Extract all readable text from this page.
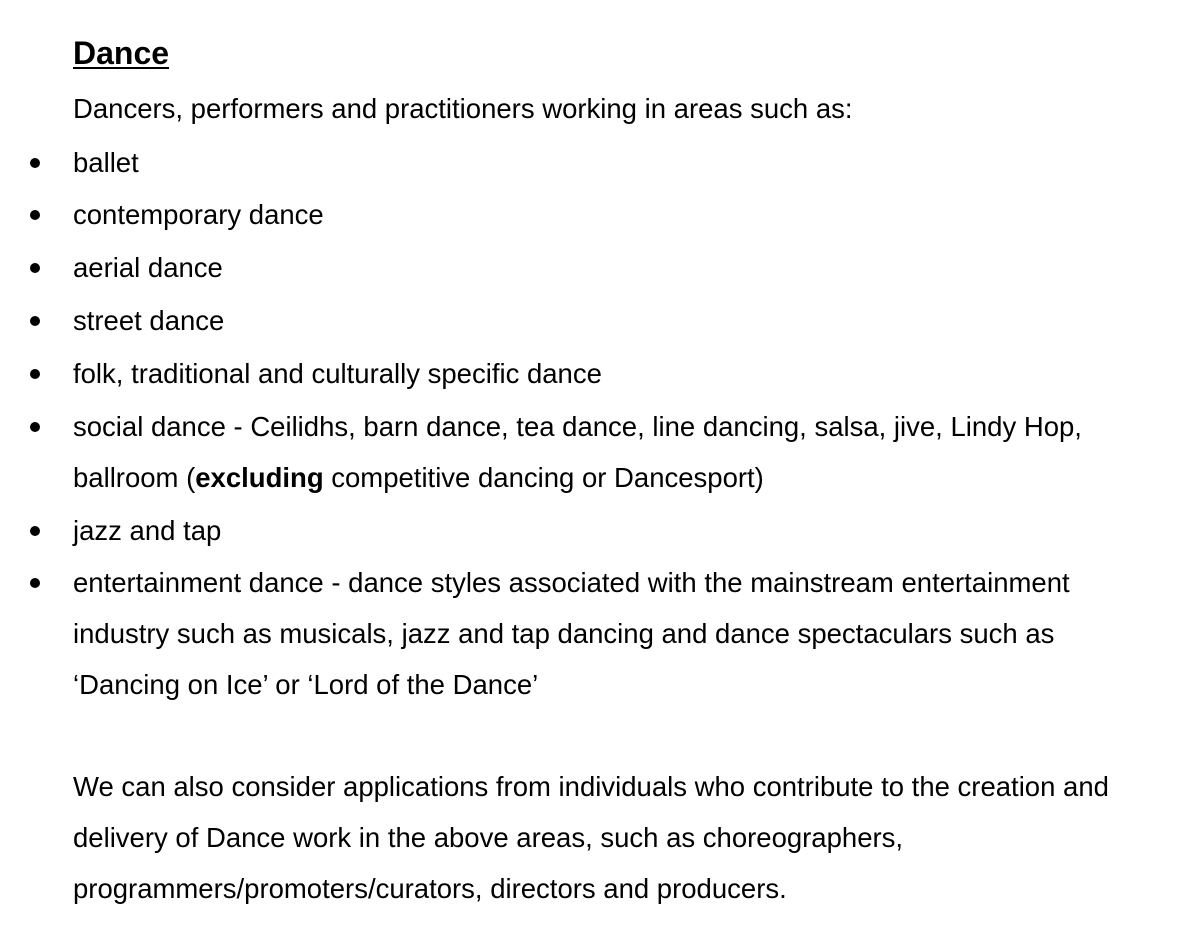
Dance

Dancers, performers and practitioners working in areas such as:

ballet

contemporary dance

aerial dance

street dance

folk, traditional and culturally specific dance

social dance - Ceilidhs, barn dance, tea dance, line dancing, salsa, jive, Lindy Hop, ballroom (excluding competitive dancing or Dancesport)

jazz and tap

entertainment dance - dance styles associated with the mainstream entertainment industry such as musicals, jazz and tap dancing and dance spectaculars such as ‘Dancing on Ice’ or ‘Lord of the Dance’

We can also consider applications from individuals who contribute to the creation and delivery of Dance work in the above areas, such as choreographers, programmers/promoters/curators, directors and producers.
